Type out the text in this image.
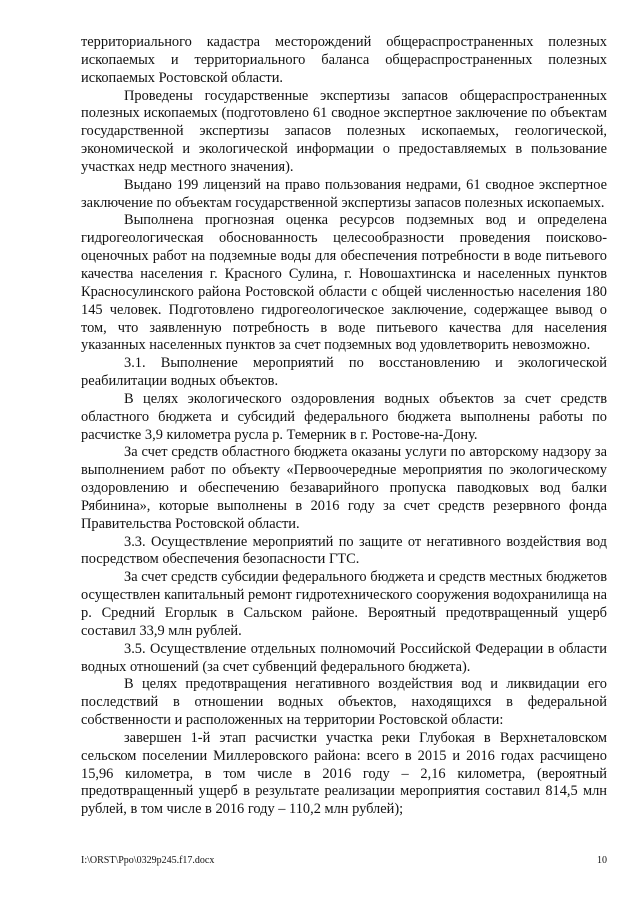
территориального кадастра месторождений общераспространенных полезных ископаемых и территориального баланса общераспространенных полезных ископаемых Ростовской области.

Проведены государственные экспертизы запасов общераспространенных полезных ископаемых (подготовлено 61 сводное экспертное заключение по объектам государственной экспертизы запасов полезных ископаемых, геологической, экономической и экологической информации о предоставляемых в пользование участках недр местного значения).

Выдано 199 лицензий на право пользования недрами, 61 сводное экспертное заключение по объектам государственной экспертизы запасов полезных ископаемых.

Выполнена прогнозная оценка ресурсов подземных вод и определена гидрогеологическая обоснованность целесообразности проведения поисково-оценочных работ на подземные воды для обеспечения потребности в воде питьевого качества населения г. Красного Сулина, г. Новошахтинска и населенных пунктов Красносулинского района Ростовской области с общей численностью населения 180 145 человек. Подготовлено гидрогеологическое заключение, содержащее вывод о том, что заявленную потребность в воде питьевого качества для населения указанных населенных пунктов за счет подземных вод удовлетворить невозможно.

3.1. Выполнение мероприятий по восстановлению и экологической реабилитации водных объектов.

В целях экологического оздоровления водных объектов за счет средств областного бюджета и субсидий федерального бюджета выполнены работы по расчистке 3,9 километра русла р. Темерник в г. Ростове-на-Дону.

За счет средств областного бюджета оказаны услуги по авторскому надзору за выполнением работ по объекту «Первоочередные мероприятия по экологическому оздоровлению и обеспечению безаварийного пропуска паводковых вод балки Рябинина», которые выполнены в 2016 году за счет средств резервного фонда Правительства Ростовской области.

3.3. Осуществление мероприятий по защите от негативного воздействия вод посредством обеспечения безопасности ГТС.

За счет средств субсидии федерального бюджета и средств местных бюджетов осуществлен капитальный ремонт гидротехнического сооружения водохранилища на р. Средний Егорлык в Сальском районе. Вероятный предотвращенный ущерб составил 33,9 млн рублей.

3.5. Осуществление отдельных полномочий Российской Федерации в области водных отношений (за счет субвенций федерального бюджета).

В целях предотвращения негативного воздействия вод и ликвидации его последствий в отношении водных объектов, находящихся в федеральной собственности и расположенных на территории Ростовской области:

завершен 1-й этап расчистки участка реки Глубокая в Верхнеталовском сельском поселении Миллеровского района: всего в 2015 и 2016 годах расчищено 15,96 километра, в том числе в 2016 году – 2,16 километра, (вероятный предотвращенный ущерб в результате реализации мероприятия составил 814,5 млн рублей, в том числе в 2016 году – 110,2 млн рублей);

I:\ORST\Ppo\0329p245.f17.docx	10
